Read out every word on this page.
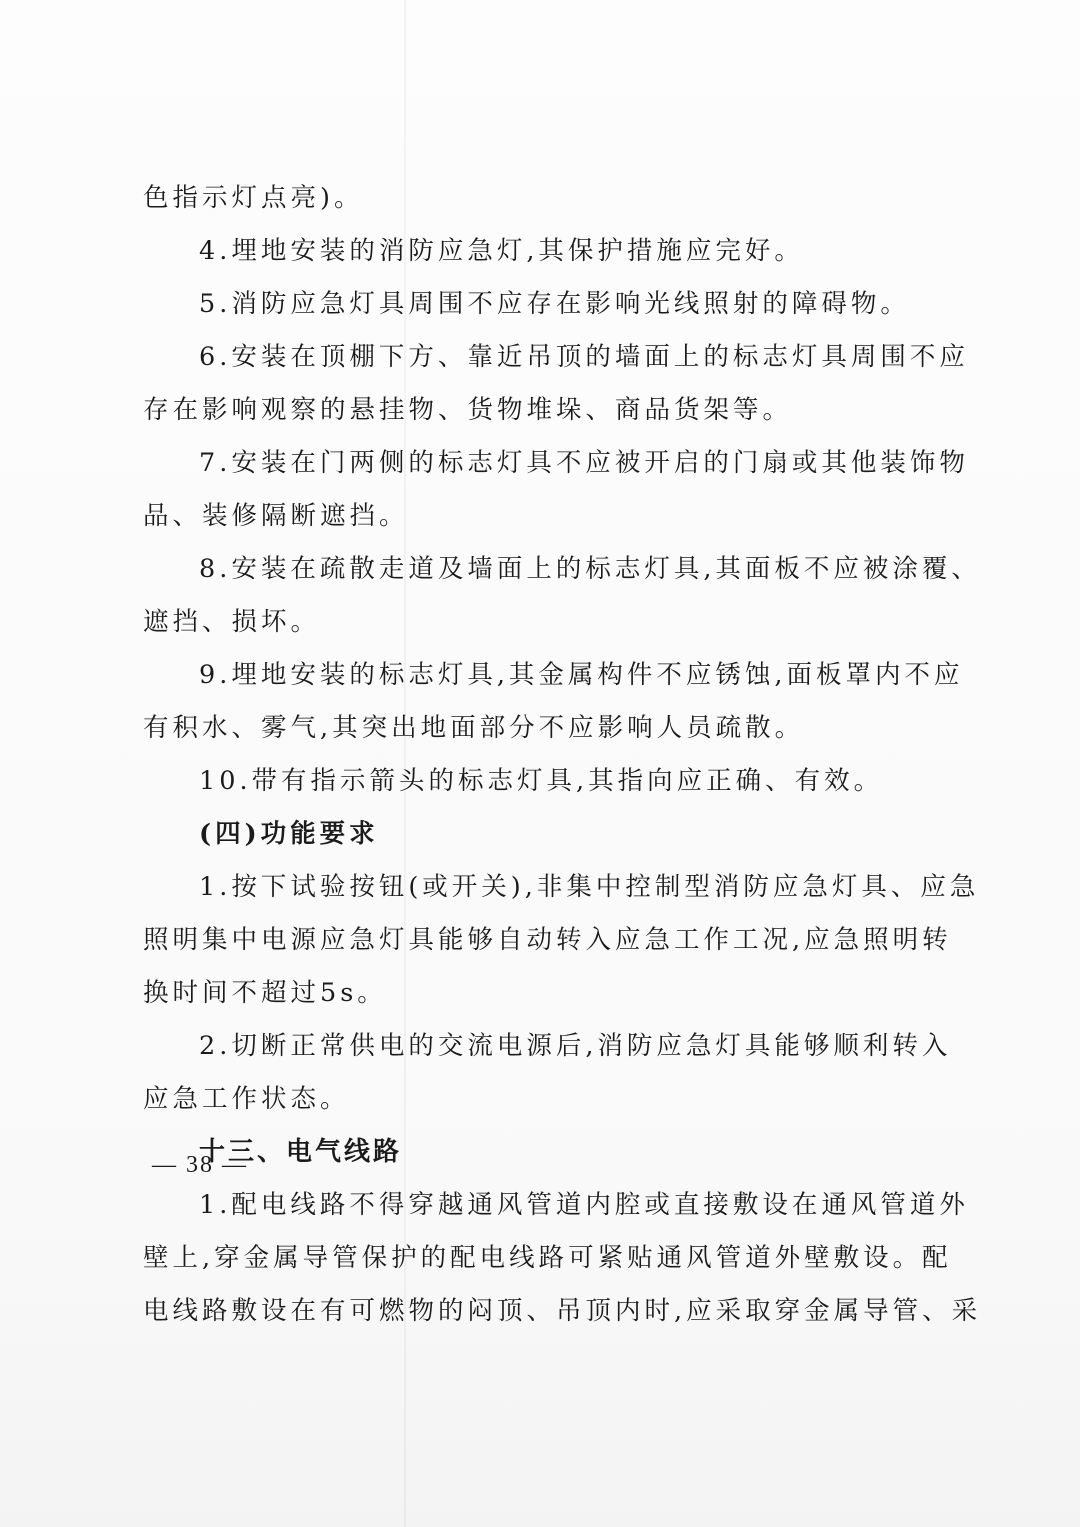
色指示灯点亮)。
4.埋地安装的消防应急灯,其保护措施应完好。
5.消防应急灯具周围不应存在影响光线照射的障碍物。
6.安装在顶棚下方、靠近吊顶的墙面上的标志灯具周围不应
存在影响观察的悬挂物、货物堆垛、商品货架等。
7.安装在门两侧的标志灯具不应被开启的门扇或其他装饰物
品、装修隔断遮挡。
8.安装在疏散走道及墙面上的标志灯具,其面板不应被涂覆、
遮挡、损坏。
9.埋地安装的标志灯具,其金属构件不应锈蚀,面板罩内不应
有积水、雾气,其突出地面部分不应影响人员疏散。
10.带有指示箭头的标志灯具,其指向应正确、有效。
(四)功能要求
1.按下试验按钮(或开关),非集中控制型消防应急灯具、应急
照明集中电源应急灯具能够自动转入应急工作工况,应急照明转
换时间不超过5s。
2.切断正常供电的交流电源后,消防应急灯具能够顺利转入
应急工作状态。
十三、电气线路
1.配电线路不得穿越通风管道内腔或直接敷设在通风管道外
壁上,穿金属导管保护的配电线路可紧贴通风管道外壁敷设。配
电线路敷设在有可燃物的闷顶、吊顶内时,应采取穿金属导管、采
— 38 —
